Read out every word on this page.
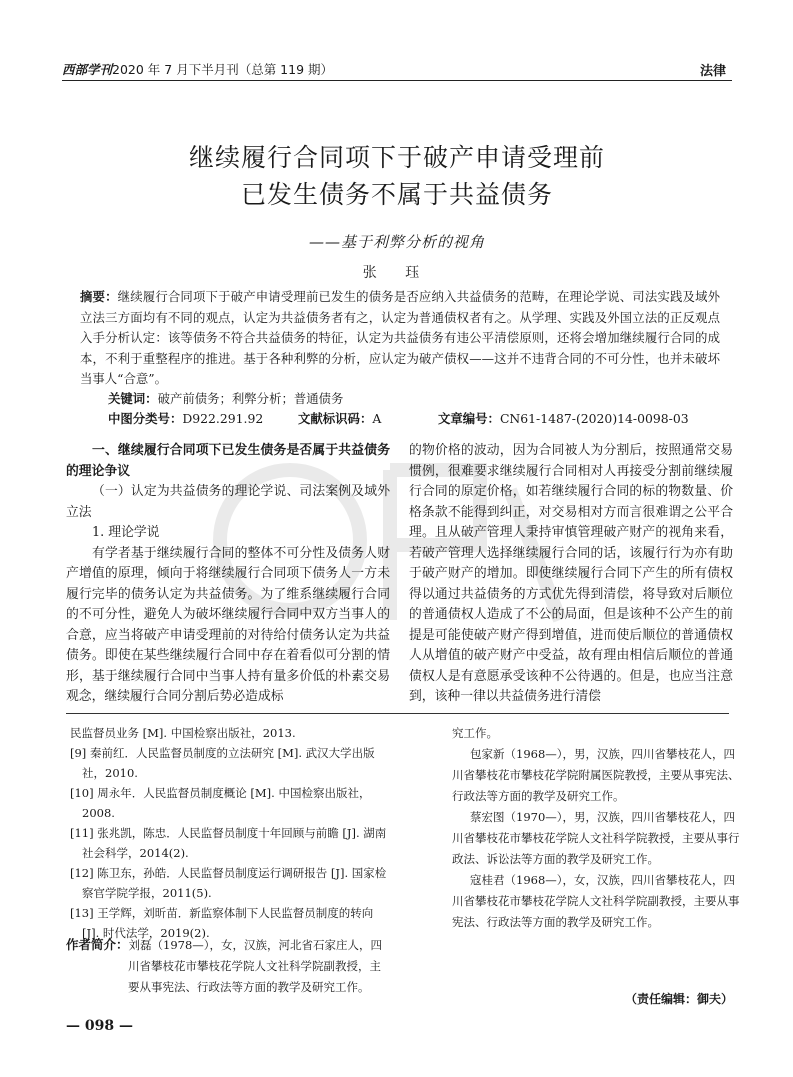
西部学刊2020 年 7 月下半月刊（总第 119 期）	法律
继续履行合同项下于破产申请受理前
已发生债务不属于共益债务
——基于利弊分析的视角
张 珏
摘要：继续履行合同项下于破产申请受理前已发生的债务是否应纳入共益债务的范畴，在理论学说、司法实践及域外立法三方面均有不同的观点，认定为共益债务者有之，认定为普通债权者有之。从学理、实践及外国立法的正反观点入手分析认定：该等债务不符合共益债务的特征，认定为共益债务有违公平清偿原则，还将会增加继续履行合同的成本，不利于重整程序的推进。基于各种利弊的分析，应认定为破产债权——这并不违背合同的不可分性，也并未破坏当事人“合意”。
关键词：破产前债务；利弊分析；普通债务
中图分类号：D922.291.92	文献标识码：A	文章编号：CN61-1487-(2020)14-0098-03
一、继续履行合同项下已发生债务是否属于共益债务的理论争议
（一）认定为共益债务的理论学说、司法案例及域外立法
1. 理论学说
有学者基于继续履行合同的整体不可分性及债务人财产增值的原理，倾向于将继续履行合同项下债务人一方未履行完毕的债务认定为共益债务。为了维系继续履行合同的不可分性，避免人为破坏继续履行合同中双方当事人的合意，应当将破产申请受理前的对待给付债务认定为共益债务。即使在某些继续履行合同中存在着看似可分割的情形，基于继续履行合同中当事人持有量多价低的朴素交易观念，继续履行合同分割后势必造成标
的物价格的波动，因为合同被人为分割后，按照通常交易惯例，很难要求继续履行合同相对人再接受分割前继续履行合同的原定价格，如若继续履行合同的标的物数量、价格条款不能得到纠正，对交易相对方而言很难谓之公平合理。且从破产管理人秉持审慎管理破产财产的视角来看，若破产管理人选择继续履行合同的话，该履行行为亦有助于破产财产的增加。即使继续履行合同下产生的所有债权得以通过共益债务的方式优先得到清偿，将导致对后顺位的普通债权人造成了不公的局面，但是该种不公产生的前提是可能使破产财产得到增值，进而使后顺位的普通债权人从增值的破产财产中受益，故有理由相信后顺位的普通债权人是有意愿承受该种不公待遇的。但是，也应当注意到，该种一律以共益债务进行清偿
民监督员业务 [M]. 中国检察出版社，2013.
[9] 秦前红．人民监督员制度的立法研究 [M]. 武汉大学出版社，2010.
[10] 周永年．人民监督员制度概论 [M]. 中国检察出版社，2008.
[11] 张兆凯，陈忠．人民监督员制度十年回顾与前瞻 [J]. 湖南社会科学，2014(2).
[12] 陈卫东，孙皓．人民监督员制度运行调研报告 [J]. 国家检察官学院学报，2011(5).
[13] 王学辉，刘昕苗．新监察体制下人民监督员制度的转向 [J]. 时代法学，2019(2).
作者简介：刘磊（1978—），女，汉族，河北省石家庄人，四
川省攀枝花市攀枝花学院人文社科学院副教授，主要从事宪法、行政法等方面的教学及研究工作。
究工作。
包家新（1968—），男，汉族，四川省攀枝花人，四川省攀枝花市攀枝花学院附属医院教授，主要从事宪法、行政法等方面的教学及研究工作。
蔡宏图（1970—），男，汉族，四川省攀枝花人，四川省攀枝花市攀枝花学院人文社科学院教授，主要从事行政法、诉讼法等方面的教学及研究工作。
寇桂君（1968—），女，汉族，四川省攀枝花人，四川省攀枝花市攀枝花学院人文社科学院副教授，主要从事宪法、行政法等方面的教学及研究工作。
（责任编辑：御夫）
— 098 —
